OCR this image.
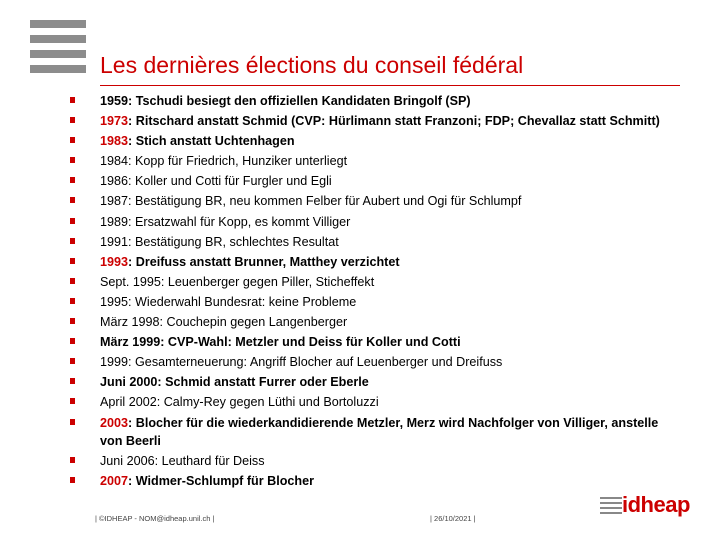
Les dernières élections du conseil fédéral
1959: Tschudi besiegt den offiziellen Kandidaten Bringolf (SP)
1973: Ritschard anstatt Schmid (CVP: Hürlimann statt Franzoni; FDP; Chevallaz statt Schmitt)
1983: Stich anstatt Uchtenhagen
1984: Kopp für Friedrich, Hunziker unterliegt
1986: Koller und Cotti für Furgler und Egli
1987: Bestätigung BR, neu kommen Felber für Aubert und Ogi für Schlumpf
1989: Ersatzwahl für Kopp, es kommt Villiger
1991: Bestätigung BR, schlechtes Resultat
1993: Dreifuss anstatt Brunner, Matthey verzichtet
Sept. 1995: Leuenberger gegen Piller, Sticheffekt
1995: Wiederwahl Bundesrat: keine Probleme
März 1998: Couchepin gegen Langenberger
März 1999: CVP-Wahl: Metzler und Deiss für Koller und Cotti
1999: Gesamterneuerung: Angriff Blocher auf Leuenberger und Dreifuss
Juni 2000: Schmid anstatt Furrer oder Eberle
April 2002: Calmy-Rey gegen Lüthi und Bortoluzzi
2003: Blocher für die wiederkandidierende Metzler, Merz wird Nachfolger von Villiger, anstelle von Beerli
Juni 2006: Leuthard für Deiss
2007: Widmer-Schlumpf für Blocher
| ©IDHEAP - NOM@idheap.unil.ch |	| 26/10/2021 |
idheap
